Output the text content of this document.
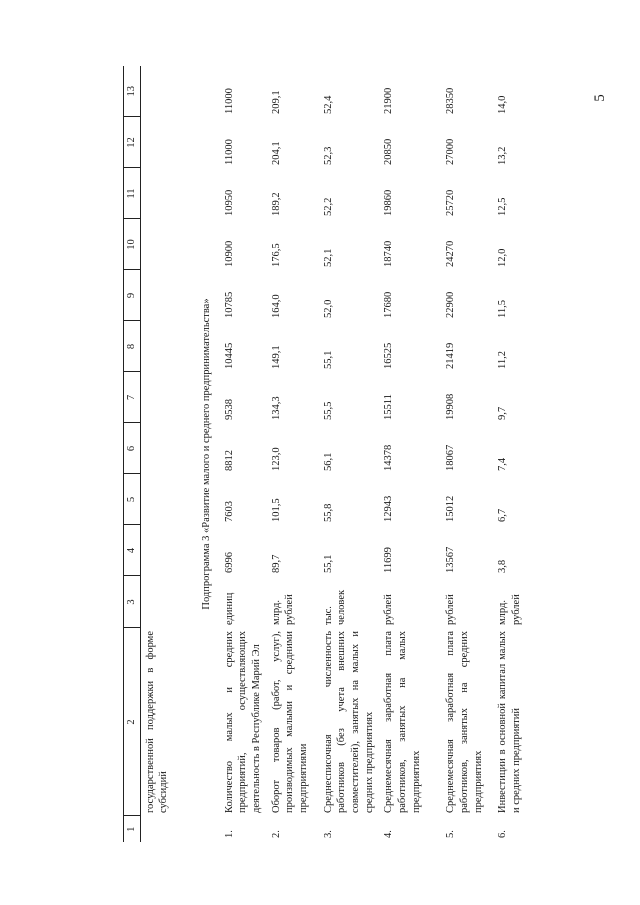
5
1	2	3	4	5	6	7	8	9	10	11	12	13
	государственной поддержки в форме субсидий											
Подпрограмма 3 «Развитие малого и среднего предпринимательства»												
1.	Количество малых и средних предприятий, осуществляющих деятельность в Республике Марий Эл	единиц	6996	7603	8812	9538	10445	10785	10900	10950	11000	11000
2.	Оборот товаров (работ, услуг), производимых малыми и средними предприятиями	млрд. рублей	89,7	101,5	123,0	134,3	149,1	164,0	176,5	189,2	204,1	209,1
3.	Среднесписочная численность работников (без учета внешних совместителей), занятых на малых и средних предприятиях	тыс. человек	55,1	55,8	56,1	55,5	55,1	52,0	52,1	52,2	52,3	52,4
4.	Среднемесячная заработная плата работников, занятых на малых предприятиях	рублей	11699	12943	14378	15511	16525	17680	18740	19860	20850	21900
5.	Среднемесячная заработная плата работников, занятых на средних предприятиях	рублей	13567	15012	18067	19908	21419	22900	24270	25720	27000	28350
6.	Инвестиции в основной капитал малых и средних предприятий	млрд. рублей	3,8	6,7	7,4	9,7	11,2	11,5	12,0	12,5	13,2	14,0
